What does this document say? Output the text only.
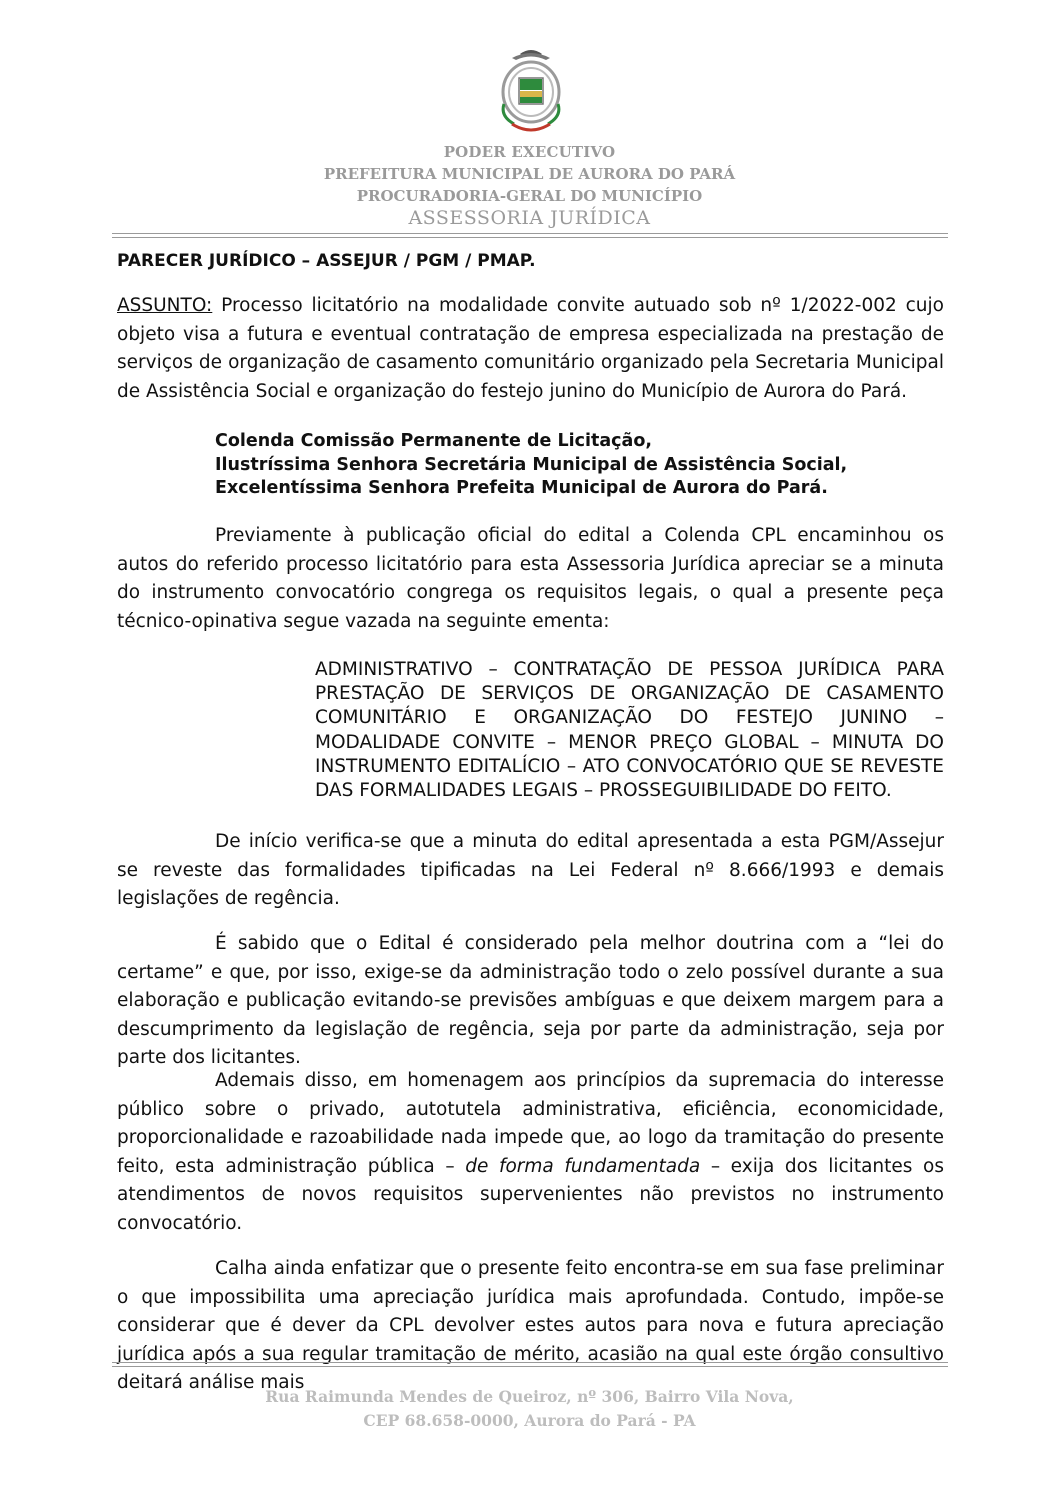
PODER EXECUTIVO
PREFEITURA MUNICIPAL DE AURORA DO PARÁ
PROCURADORIA-GERAL DO MUNICÍPIO
ASSESSORIA JURÍDICA
PARECER JURÍDICO – ASSEJUR / PGM / PMAP.
ASSUNTO: Processo licitatório na modalidade convite autuado sob nº 1/2022-002 cujo objeto visa a futura e eventual contratação de empresa especializada na prestação de serviços de organização de casamento comunitário organizado pela Secretaria Municipal de Assistência Social e organização do festejo junino do Município de Aurora do Pará.
Colenda Comissão Permanente de Licitação,
Ilustríssima Senhora Secretária Municipal de Assistência Social,
Excelentíssima Senhora Prefeita Municipal de Aurora do Pará.
Previamente à publicação oficial do edital a Colenda CPL encaminhou os autos do referido processo licitatório para esta Assessoria Jurídica apreciar se a minuta do instrumento convocatório congrega os requisitos legais, o qual a presente peça técnico-opinativa segue vazada na seguinte ementa:
ADMINISTRATIVO – CONTRATAÇÃO DE PESSOA JURÍDICA PARA
PRESTAÇÃO DE SERVIÇOS DE ORGANIZAÇÃO DE CASAMENTO
COMUNITÁRIO E ORGANIZAÇÃO DO FESTEJO JUNINO –
MODALIDADE CONVITE – MENOR PREÇO GLOBAL – MINUTA DO
INSTRUMENTO EDITALÍCIO – ATO CONVOCATÓRIO QUE SE REVESTE
DAS FORMALIDADES LEGAIS – PROSSEGUIBILIDADE DO FEITO.
De início verifica-se que a minuta do edital apresentada a esta PGM/Assejur se reveste das formalidades tipificadas na Lei Federal nº 8.666/1993 e demais legislações de regência.
É sabido que o Edital é considerado pela melhor doutrina com a “lei do certame” e que, por isso, exige-se da administração todo o zelo possível durante a sua elaboração e publicação evitando-se previsões ambíguas e que deixem margem para a descumprimento da legislação de regência, seja por parte da administração, seja por parte dos licitantes.
Ademais disso, em homenagem aos princípios da supremacia do interesse público sobre o privado, autotutela administrativa, eficiência, economicidade, proporcionalidade e razoabilidade nada impede que, ao logo da tramitação do presente feito, esta administração pública – de forma fundamentada – exija dos licitantes os atendimentos de novos requisitos supervenientes não previstos no instrumento convocatório.
Calha ainda enfatizar que o presente feito encontra-se em sua fase preliminar o que impossibilita uma apreciação jurídica mais aprofundada. Contudo, impõe-se considerar que é dever da CPL devolver estes autos para nova e futura apreciação jurídica após a sua regular tramitação de mérito, acasião na qual este órgão consultivo deitará análise mais
Rua Raimunda Mendes de Queiroz, nº 306, Bairro Vila Nova,
CEP 68.658-0000, Aurora do Pará - PA
